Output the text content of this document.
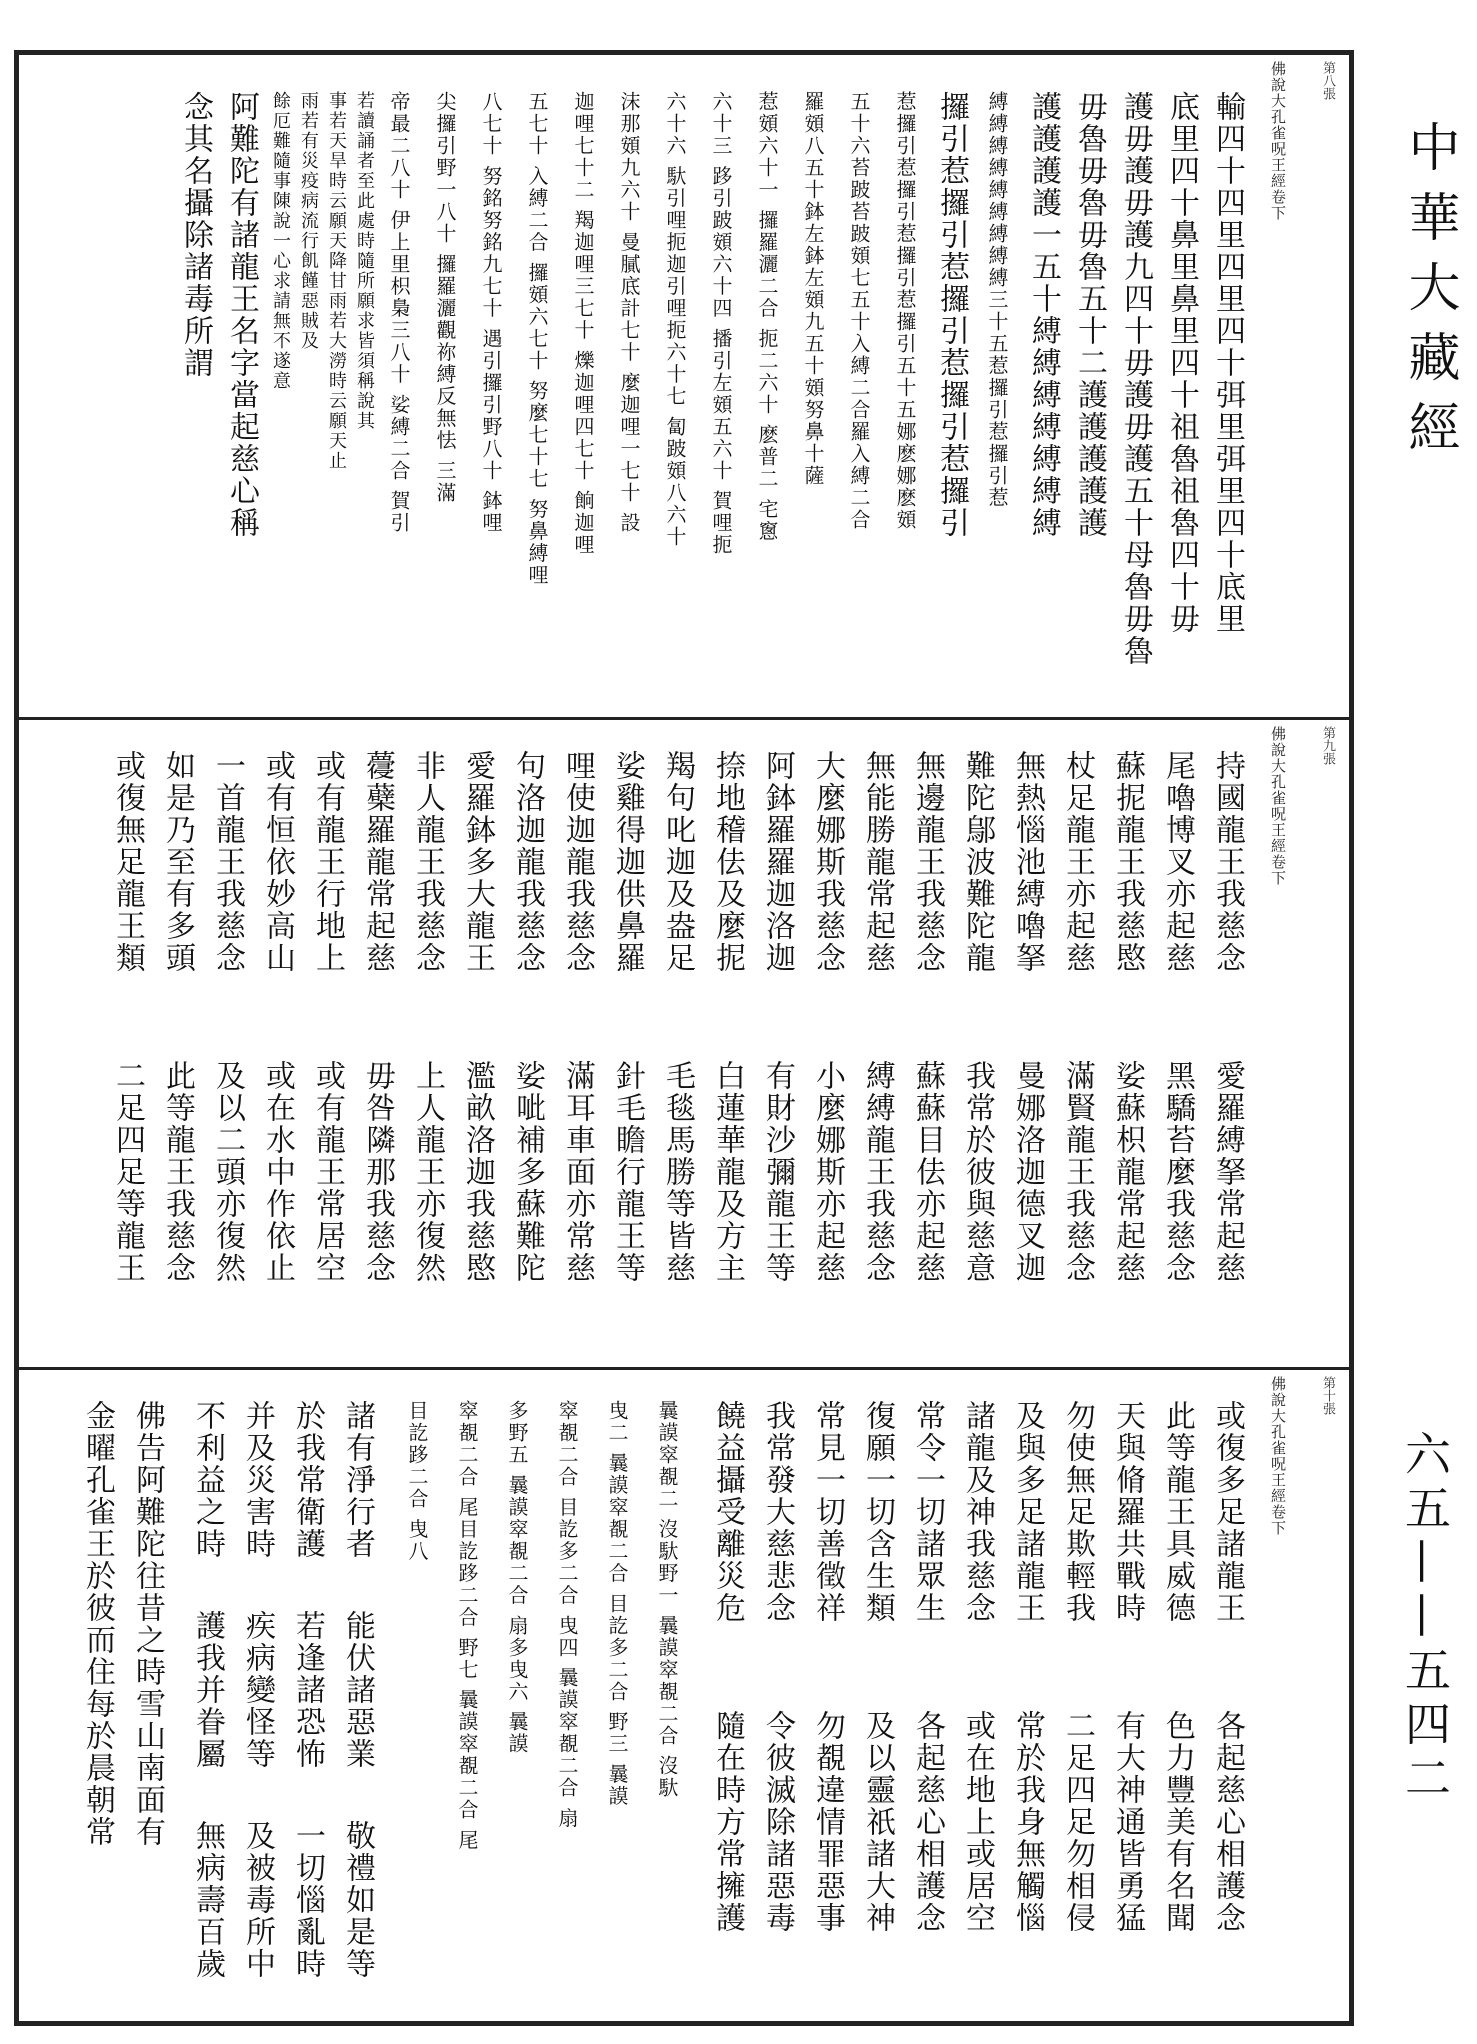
中華大藏經
六五——五四二
佛說大孔雀呪王經卷下	第八張
輸四十四里四里四十弭里弭里四十底里
底里四十鼻里鼻里四十祖魯祖魯四十毋
護毋護毋護九四十毋護毋護五十母魯毋魯
毋魯毋魯毋魯五十二護護護護護
護護護護一五十縛縛縛縛縛縛縛
縛縛縛縛縛縛縛縛縛三十五惹攞引惹攞引惹
攞引惹攞引惹攞引惹攞引惹攞引
惹攞引惹攞引惹攞引惹攞引五十五娜麽娜麽頞
五十六苔跛苔跛頞七五十入縛二合羅入縛二合
羅頞八五十鉢左鉢左頞九五十頞努鼻十薩
惹頞六十一 攞羅灑二合 扼二六十 麽普二 宅窻
六十三 跢引跛頞六十四 播引左頞五六十 賀哩扼
六十六 馱引哩扼迦引哩扼六十七 匐跛頞八六十
沫那頞九六十 曼膩底計七十 麼迦哩一七十 設
迦哩七十二 羯迦哩三七十 爍迦哩四七十 餉迦哩
五七十 入縛二合 攞頞六七十 努麼七十七 努鼻縛哩
八七十 努銘努銘九七十 遇引攞引野八十 鉢哩
尖攞引野一八十 攞羅灑觀祢縛反無怯 三滿
帝最二八十 伊上里枳梟三八十 娑縛二合 賀引
若讀誦者至此處時隨所願求皆須稱說其
事若天旱時云願天降甘雨若大澇時云願天止
雨若有災疫病流行飢饉惡賊及
餘厄難隨事陳說一心求請無不遂意
阿難陀有諸龍王名字當起慈心稱
念其名攝除諸毒所謂
佛說大孔雀呪王經卷下	第九張
持國龍王我慈念
尾嚕博叉亦起慈
蘇抳龍王我慈愍
杖足龍王亦起慈
無熱惱池縛嚕拏
難陀鄔波難陀龍
無邊龍王我慈念
無能勝龍常起慈
大麼娜斯我慈念
阿鉢羅羅迦洛迦
捺地稽佉及麼抳
羯句叱迦及盎足
娑雞得迦供鼻羅
哩使迦龍我慈念
句洛迦龍我慈念
愛羅鉢多大龍王
非人龍王我慈念
蘉蘗羅龍常起慈
或有龍王行地上
或有恒依妙高山
一首龍王我慈念
如是乃至有多頭
或復無足龍王類
愛羅縛拏常起慈
黑驕苔麼我慈念
娑蘇枳龍常起慈
滿賢龍王我慈念
曼娜洛迦德叉迦
我常於彼與慈意
蘇蘇目佉亦起慈
縛縛龍王我慈念
小麼娜斯亦起慈
有財沙彌龍王等
白蓮華龍及方主
毛毯馬勝等皆慈
針毛瞻行龍王等
滿耳車面亦常慈
娑呲補多蘇難陀
濫畝洛迦我慈愍
上人龍王亦復然
毋咎隣那我慈念
或有龍王常居空
或在水中作依止
及以二頭亦復然
此等龍王我慈念
二足四足等龍王
佛說大孔雀呪王經卷下	第十張
或復多足諸龍王
此等龍王具威德
天與脩羅共戰時
勿使無足欺輕我
及與多足諸龍王
諸龍及神我慈念
常令一切諸眾生
復願一切含生類
常見一切善徵祥
我常發大慈悲念
饒益攝受離災危
各起慈心相護念
色力豐美有名聞
有大神通皆勇猛
二足四足勿相侵
常於我身無觸惱
或在地上或居空
各起慈心相護念
及以靈祇諸大神
勿覩違情罪惡事
令彼滅除諸惡毒
隨在時方常擁護
曩謨窣覩二 沒馱野一 曩謨窣覩二合 沒馱
曳二 曩謨窣覩二合 目訖多二合 野三 曩謨
窣覩二合 目訖多二合 曳四 曩謨窣覩二合 扇
多野五 曩謨窣覩二合 扇多曳六 曩謨
窣覩二合 尾目訖跢二合 野七 曩謨窣覩二合 尾
目訖跢二合 曳八
諸有淨行者
於我常衛護
并及災害時
不利益之時
能伏諸惡業
若逢諸恐怖
疾病變怪等
護我并眷屬
敬禮如是等
一切惱亂時
及被毒所中
無病壽百歲
佛告阿難陀往昔之時雪山南面有
金曜孔雀王於彼而住每於晨朝常
